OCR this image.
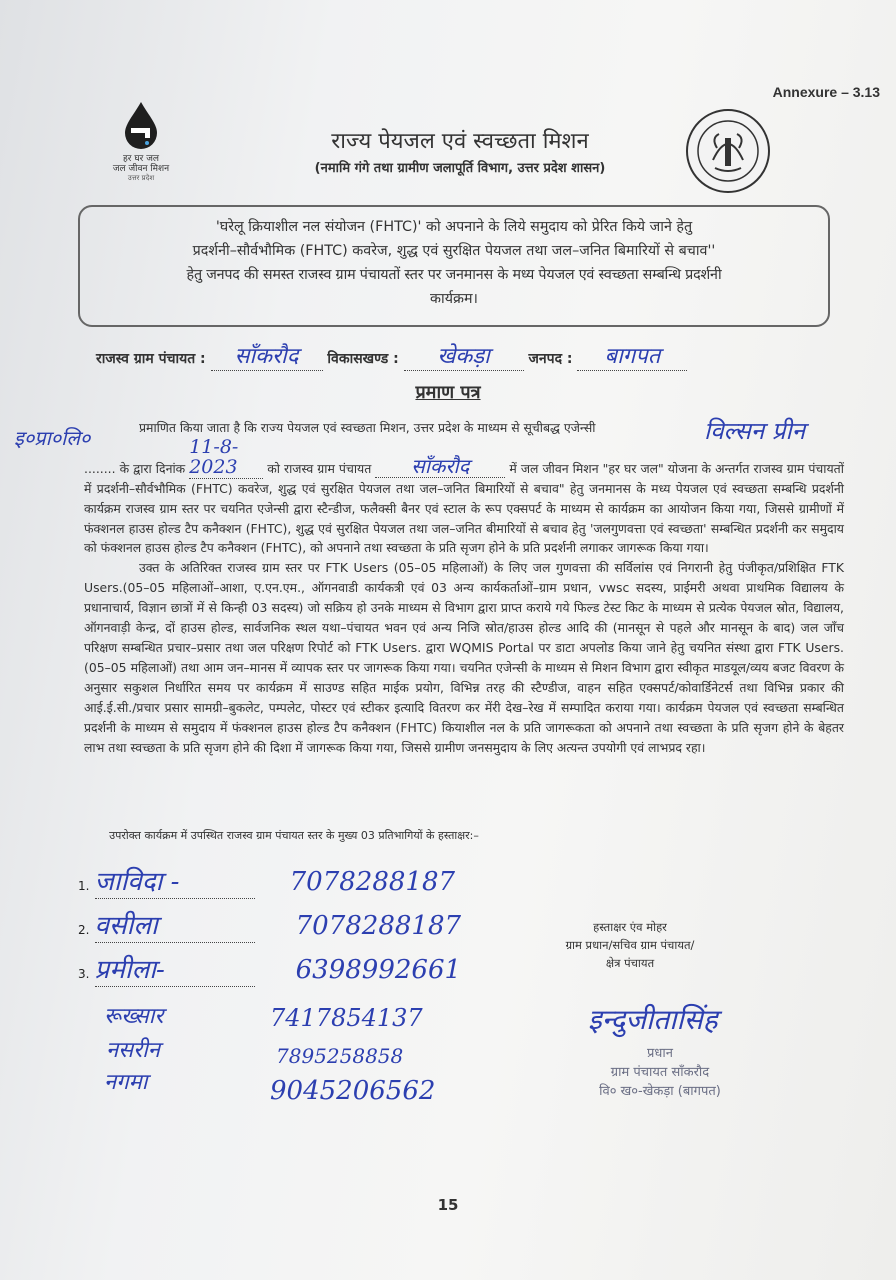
Annexure – 3.13
हर घर जल
जल जीवन मिशन
उत्तर प्रदेश
राज्य पेयजल एवं स्वच्छता मिशन
(नमामि गंगे तथा ग्रामीण जलापूर्ति विभाग, उत्तर प्रदेश शासन)
'घरेलू क्रियाशील नल संयोजन (FHTC)' को अपनाने के लिये समुदाय को प्रेरित किये जाने हेतु
प्रदर्शनी–सौर्वभौमिक (FHTC) कवरेज, शुद्ध एवं सुरक्षित पेयजल तथा जल–जनित बिमारियों से बचाव''
हेतु जनपद की समस्त राजस्व ग्राम पंचायतों स्तर पर जनमानस के मध्य पेयजल एवं स्वच्छता सम्बन्धि प्रदर्शनी
कार्यक्रम।
राजस्व ग्राम पंचायत : साँकरौद विकासखण्ड : खेकड़ा	जनपद : बागपत
प्रमाण पत्र
इ०प्रा०लि०	विल्सन प्रीन

प्रमाणित किया जाता है कि राज्य पेयजल एवं स्वच्छता मिशन, उत्तर प्रदेश के माध्यम से सूचीबद्ध एजेन्सी

........ के द्वारा दिनांक 11-8-2023 को राजस्व ग्राम पंचायत साँकरौद	में जल जीवन मिशन "हर घर जल" योजना के अन्तर्गत राजस्व ग्राम पंचायतों में प्रदर्शनी–सौर्वभौमिक (FHTC) कवरेज, शुद्ध एवं सुरक्षित पेयजल तथा जल–जनित बिमारियों से बचाव" हेतु जनमानस के मध्य पेयजल एवं स्वच्छता सम्बन्धि प्रदर्शनी कार्यक्रम राजस्व ग्राम स्तर पर चयनित एजेन्सी द्वारा स्टैन्डीज, फलैक्सी बैनर एवं स्टाल के रूप एक्सपर्ट के माध्यम से कार्यक्रम का आयोजन किया गया, जिससे ग्रामीणों में फंक्शनल हाउस होल्ड टैप कनैक्शन (FHTC), शुद्ध एवं सुरक्षित पेयजल तथा जल–जनित बीमारियों से बचाव हेतु 'जलगुणवत्ता एवं स्वच्छता' सम्बन्धित प्रदर्शनी कर समुदाय को फंक्शनल हाउस होल्ड टैप कनैक्शन (FHTC), को अपनाने तथा स्वच्छता के प्रति सृजग होने के प्रति प्रदर्शनी लगाकर जागरूक किया गया।

उक्त के अतिरिक्त राजस्व ग्राम स्तर पर FTK Users (05–05 महिलाओं) के लिए जल गुणवत्ता की सर्विलांस एवं निगरानी हेतु पंजीकृत/प्रशिक्षित FTK Users.(05–05 महिलाओं–आशा, ए.एन.एम., ऑगनवाडी कार्यकत्री एवं 03 अन्य कार्यकर्ताओं–ग्राम प्रधान, vwsc सदस्य, प्राईमरी अथवा प्राथमिक विद्यालय के प्रधानाचार्य, विज्ञान छात्रों में से किन्ही 03 सदस्य) जो सक्रिय हो उनके माध्यम से विभाग द्वारा प्राप्त कराये गये फिल्ड टेस्ट किट के माध्यम से प्रत्येक पेयजल स्रोत, विद्यालय, ऑगनवाड़ी केन्द्र, दों हाउस होल्ड, सार्वजनिक स्थल यथा–पंचायत भवन एवं अन्य निजि स्रोत/हाउस होल्ड आदि की (मानसून से पहले और मानसून के बाद) जल जाँच परिक्षण सम्बन्धित प्रचार–प्रसार तथा जल परिक्षण रिपोर्ट को FTK Users. द्वारा WQMIS Portal पर डाटा अपलोड किया जाने हेतु चयनित संस्था द्वारा FTK Users.(05–05 महिलाओं) तथा आम जन–मानस में व्यापक स्तर पर जागरूक किया गया। चयनित एजेन्सी के माध्यम से मिशन विभाग द्वारा स्वीकृत माडयूल/व्यय बजट विवरण के अनुसार सकुशल निर्धारित समय पर कार्यक्रम में साउण्ड सहित माईक प्रयोग, विभिन्न तरह की स्टैण्डीज, वाहन सहित एक्सपर्ट/कोवार्डिनेटर्स तथा विभिन्न प्रकार की आई.ई.सी./प्रचार प्रसार सामग्री–बुकलेट, पम्पलेट, पोस्टर एवं स्टीकर इत्यादि वितरण कर मेंरी देख–रेख में सम्पादित कराया गया। कार्यक्रम पेयजल एवं स्वच्छता सम्बन्धित प्रदर्शनी के माध्यम से समुदाय में फंक्शनल हाउस होल्ड टैप कनैक्शन (FHTC) कियाशील नल के प्रति जागरूकता को अपनाने तथा स्वच्छता के प्रति सृजग होने के बेहतर लाभ तथा स्वच्छता के प्रति सृजग होने की दिशा में जागरूक किया गया, जिससे ग्रामीण जनसमुदाय के लिए अत्यन्त उपयोगी एवं लाभप्रद रहा।

उपरोक्त कार्यक्रम में उपस्थित राजस्व ग्राम पंचायत स्तर के मुख्य 03 प्रतिभागियों के हस्ताक्षर:–
1. जाविदा -	7078288187
2. वसीला	7078288187
3. प्रमीला-	6398992661
रूख्सार	7417854137
नसरीन	7895258858
नगमा	9045206562
हस्ताक्षर एंव मोहर
ग्राम प्रधान/सचिव ग्राम पंचायत/
क्षेत्र पंचायत
इन्दुजीतासिंह
प्रधान
ग्राम पंचायत साँकरौद
वि० ख०-खेकड़ा (बागपत)
15
